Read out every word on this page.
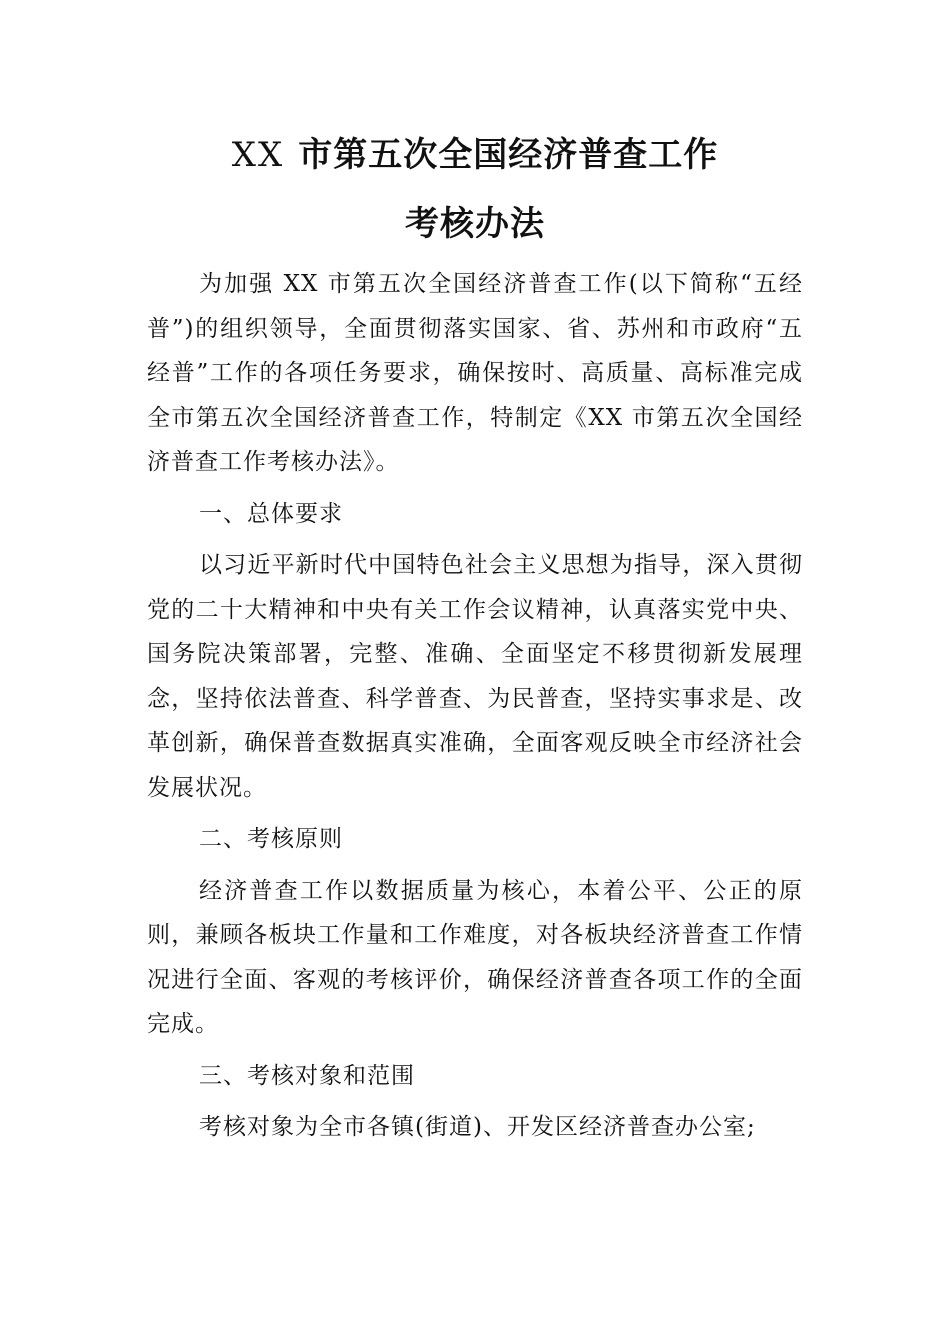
XX 市第五次全国经济普查工作
考核办法

为加强 XX 市第五次全国经济普查工作(以下简称“五经普”)的组织领导，全面贯彻落实国家、省、苏州和市政府“五经普”工作的各项任务要求，确保按时、高质量、高标准完成全市第五次全国经济普查工作，特制定《XX 市第五次全国经济普查工作考核办法》。

一、总体要求

以习近平新时代中国特色社会主义思想为指导，深入贯彻党的二十大精神和中央有关工作会议精神，认真落实党中央、国务院决策部署，完整、准确、全面坚定不移贯彻新发展理念，坚持依法普查、科学普查、为民普查，坚持实事求是、改革创新，确保普查数据真实准确，全面客观反映全市经济社会发展状况。

二、考核原则

经济普查工作以数据质量为核心，本着公平、公正的原则，兼顾各板块工作量和工作难度，对各板块经济普查工作情况进行全面、客观的考核评价，确保经济普查各项工作的全面完成。

三、考核对象和范围

考核对象为全市各镇(街道)、开发区经济普查办公室;
